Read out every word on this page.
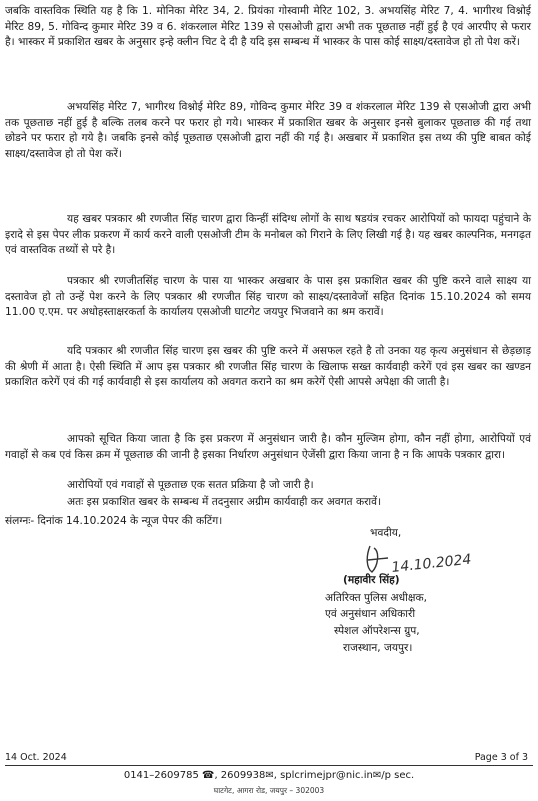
जबकि वास्तविक स्थिति यह है कि 1. मोनिका मेरिट 34, 2. प्रियंका गोस्वामी मेरिट 102, 3. अभयसिंह मेरिट 7, 4. भागीरथ विश्नोई मेरिट 89, 5. गोविन्द कुमार मेरिट 39 व 6. शंकरलाल मेरिट 139 से एसओजी द्वारा अभी तक पूछताछ नहीं हुई है एवं आरपीए से फरार है। भास्कर में प्रकाशित खबर के अनुसार इन्हे क्लीन चिट दे दी है यदि इस सम्बन्ध में भास्कर के पास कोई साक्ष्य/दस्तावेज हो तो पेश करें।

अभयसिंह मेरिट 7, भागीरथ विश्नोई मेरिट 89, गोविन्द कुमार मेरिट 39 व शंकरलाल मेरिट 139 से एसओजी द्वारा अभी तक पूछताछ नहीं हुई है बल्कि तलब करने पर फरार हो गये। भास्कर में प्रकाशित खबर के अनुसार इनसे बुलाकर पूछताछ की गई तथा छोडने पर फरार हो गये है। जबकि इनसे कोई पूछताछ एसओजी द्वारा नहीं की गई है। अखबार में प्रकाशित इस तथ्य की पुष्टि बाबत कोई साक्ष्य/दस्तावेज हो तो पेश करें।

यह खबर पत्रकार श्री रणजीत सिंह चारण द्वारा किन्हीं संदिग्ध लोगों के साथ षडयंत्र रचकर आरोपियों को फायदा पहुंचाने के इरादे से इस पेपर लीक प्रकरण में कार्य करने वाली एसओजी टीम के मनोबल को गिराने के लिए लिखी गई है। यह खबर काल्पनिक, मनगढ़त एवं वास्तविक तथ्यों से परे है।

पत्रकार श्री रणजीतसिंह चारण के पास या भास्कर अखबार के पास इस प्रकाशित खबर की पुष्टि करने वाले साक्ष्य या दस्तावेज हो तो उन्हें पेश करने के लिए पत्रकार श्री रणजीत सिंह चारण को साक्ष्य/दस्तावेजों सहित दिनांक 15.10.2024 को समय 11.00 ए.एम. पर अधोहस्ताक्षरकर्ता के कार्यालय एसओजी घाटगेट जयपुर भिजवाने का श्रम करावें।

यदि पत्रकार श्री रणजीत सिंह चारण इस खबर की पुष्टि करने में असफल रहते है तो उनका यह कृत्य अनुसंधान से छेड़छाड़ की श्रेणी में आता है। ऐसी स्थिति में आप इस पत्रकार श्री रणजीत सिंह चारण के खिलाफ सख्त कार्यवाही करेगें एवं इस खबर का खण्डन प्रकाशित करेगें एवं की गई कार्यवाही से इस कार्यालय को अवगत कराने का श्रम करेगें ऐसी आपसे अपेक्षा की जाती है।

आपको सूचित किया जाता है कि इस प्रकरण में अनुसंधान जारी है। कौन मुल्जिम होगा, कौन नहीं होगा, आरोपियों एवं गवाहों से कब एवं किस क्रम में पूछताछ की जानी है इसका निर्धारण अनुसंधान ऐजेंसी द्वारा किया जाना है न कि आपके पत्रकार द्वारा।

आरोपियों एवं गवाहों से पूछताछ एक सतत प्रक्रिया है जो जारी है।

अतः इस प्रकाशित खबर के सम्बन्ध में तदनुसार अग्रीम कार्यवाही कर अवगत करावें।

संलग्नः- दिनांक 14.10.2024 के न्यूज पेपर की कटिंग।

भवदीय,
14.10.2024
(महावीर सिंह)
अतिरिक्त पुलिस अधीक्षक,
एवं अनुसंधान अधिकारी
स्पेशल ऑपरेशन्स ग्रुप,
राजस्थान, जयपुर।
14 Oct. 2024	Page 3 of 3
0141–2609785 ☎, 2609938✉, splcrimejpr@nic.in✉/p sec.
घाटगेट, आगरा रोड, जयपुर – 302003
